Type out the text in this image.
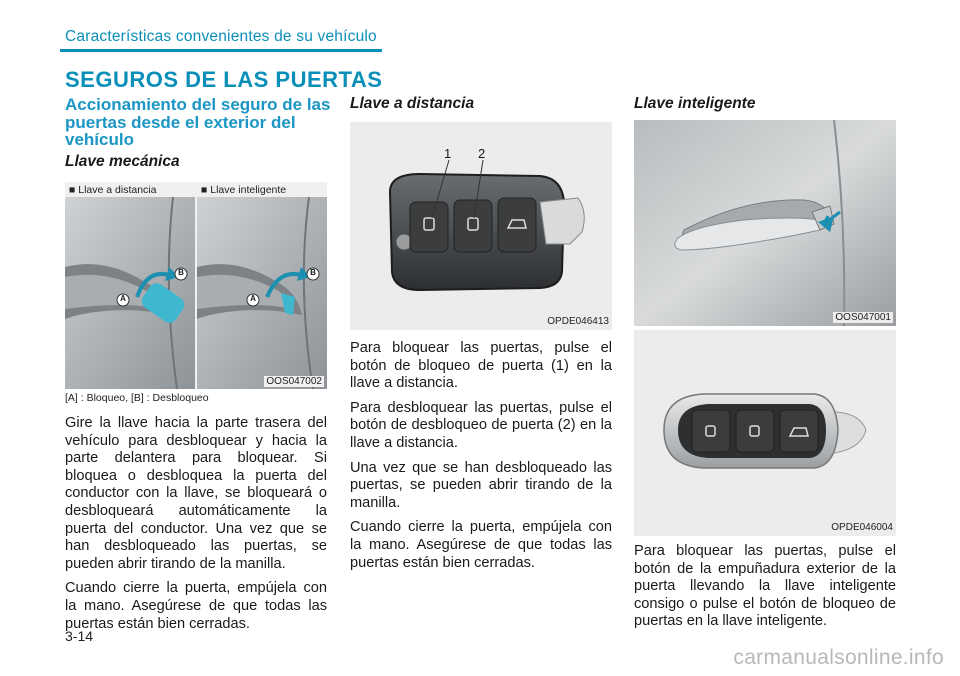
Características convenientes de su vehículo
SEGUROS DE LAS PUERTAS
Accionamiento del seguro de las puertas desde el exterior del vehículo
Llave mecánica
■ Llave a distancia	■ Llave inteligente
A
B
A
B
OOS047002
[A] : Bloqueo, [B] : Desbloqueo

Gire la llave hacia la parte trasera del vehículo para desbloquear y hacia la parte delantera para bloquear. Si bloquea o desbloquea la puerta del conductor con la llave, se bloqueará o desbloqueará automáticamente la puerta del conductor. Una vez que se han desbloqueado las puertas, se pueden abrir tirando de la manilla.

Cuando cierre la puerta, empújela con la mano. Asegúrese de que todas las puertas están bien cerradas.

Llave a distancia
1 2
OPDE046413

Para bloquear las puertas, pulse el botón de bloqueo de puerta (1) en la llave a distancia.

Para desbloquear las puertas, pulse el botón de desbloqueo de puerta (2) en la llave a distancia.

Una vez que se han desbloqueado las puertas, se pueden abrir tirando de la manilla.

Cuando cierre la puerta, empújela con la mano. Asegúrese de que todas las puertas están bien cerradas.

Llave inteligente
OOS047001
OPDE046004

Para bloquear las puertas, pulse el botón de la empuñadura exterior de la puerta llevando la llave inteligente consigo o pulse el botón de bloqueo de puertas en la llave inteligente.

3-14
carmanualsonline.info
